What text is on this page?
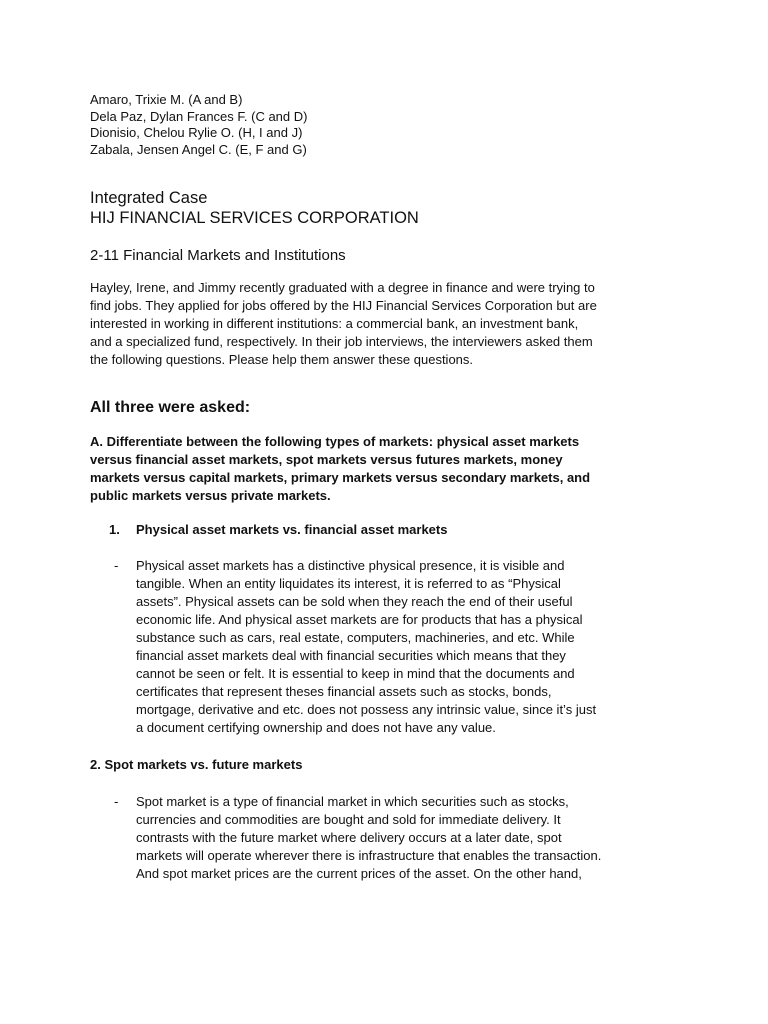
Amaro, Trixie M. (A and B)
Dela Paz, Dylan Frances F. (C and D)
Dionisio, Chelou Rylie O. (H, I and J)
Zabala, Jensen Angel C. (E, F and G)
Integrated Case
HIJ FINANCIAL SERVICES CORPORATION
2-11 Financial Markets and Institutions
Hayley, Irene, and Jimmy recently graduated with a degree in finance and were trying to
find jobs. They applied for jobs offered by the HIJ Financial Services Corporation but are
interested in working in different institutions: a commercial bank, an investment bank,
and a specialized fund, respectively. In their job interviews, the interviewers asked them
the following questions. Please help them answer these questions.
All three were asked:
A. Differentiate between the following types of markets: physical asset markets
versus financial asset markets, spot markets versus futures markets, money
markets versus capital markets, primary markets versus secondary markets, and
public markets versus private markets.
1. Physical asset markets vs. financial asset markets
- Physical asset markets has a distinctive physical presence, it is visible and
tangible. When an entity liquidates its interest, it is referred to as “Physical
assets”. Physical assets can be sold when they reach the end of their useful
economic life. And physical asset markets are for products that has a physical
substance such as cars, real estate, computers, machineries, and etc. While
financial asset markets deal with financial securities which means that they
cannot be seen or felt. It is essential to keep in mind that the documents and
certificates that represent theses financial assets such as stocks, bonds,
mortgage, derivative and etc. does not possess any intrinsic value, since it’s just
a document certifying ownership and does not have any value.
2. Spot markets vs. future markets
- Spot market is a type of financial market in which securities such as stocks,
currencies and commodities are bought and sold for immediate delivery. It
contrasts with the future market where delivery occurs at a later date, spot
markets will operate wherever there is infrastructure that enables the transaction.
And spot market prices are the current prices of the asset. On the other hand,
